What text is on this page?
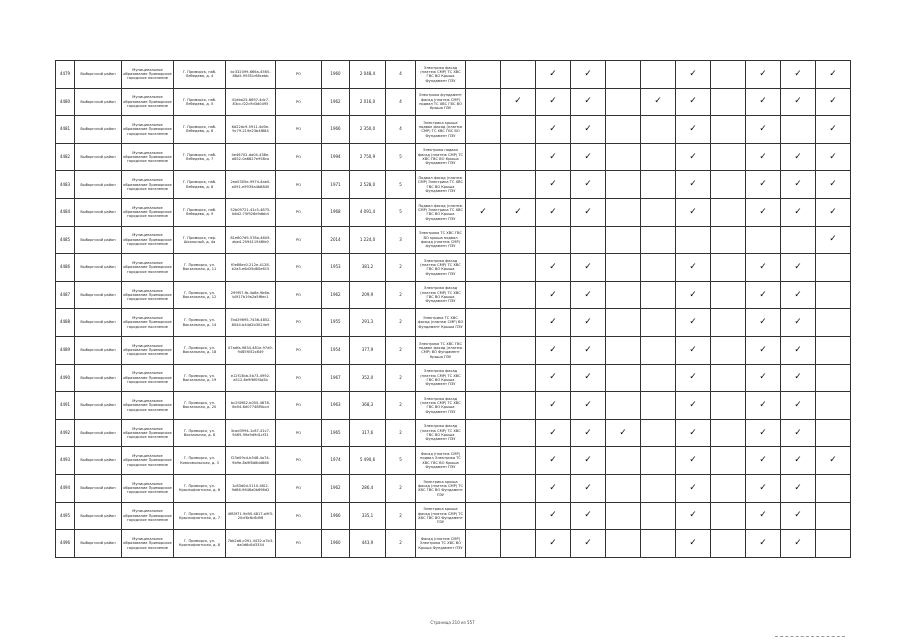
4479	Выборгский район	Муниципальное образование Приморское городское поселение	Г. Приморск, наб. Лебедева, д. 4	bc332099-666a-4565-88a5-993f1c66cebb	РО	1960	2 048,4	4	Электрика фасад (платеж СМР) ТС ХВС ГВС ВО Крыша Фундамент ПЗУ			✓	✓			✓		✓	✓	✓
4480	Выборгский район	Муниципальное образование Приморское городское поселение	Г. Приморск, наб. Лебедева, д. 5	41dba25-8697-4dc7-83cc-f22c9d3d0495	РО	1962	2 016,0	4	Электрика фундамент фасад (платеж СМР) подвал ТС ХВС ГВС ВО Крыша ПЗУ		✓	✓	✓		✓	✓		✓	✓	✓
4481	Выборгский район	Муниципальное образование Приморское городское поселение	Г. Приморск, наб. Лебедева, д. 6	6d22dc9-5911-4d0e-9c79-219e23b4f884	РО	1966	2 350,0	4	Электрика крыша подвал фасад (платеж СМР) ТС ХВС ГВС ВО Фундамент ПЗУ			✓	✓			✓		✓		✓
4482	Выборгский район	Муниципальное образование Приморское городское поселение	Г. Приморск, наб. Лебедева, д. 7	4e46702-da04-438e-a852-0a6827e958ca	РО	1994	2 750,9	5	Электрика подвал фасад (платеж СМР) ТС ХВС ГВС ВО Крыша Фундамент ПЗУ			✓	✓			✓		✓	✓	✓
4483	Выборгский район	Муниципальное образование Приморское городское поселение	Г. Приморск, наб. Лебедева, д. 8	2ee0305e-9974-4ae0-a091-e9935a4b8840	РО	1971	2 528,0	5	Подвал фасад (платеж СМР) Электрика ТС ХВС ГВС ВО Крыша Фундамент ПЗУ			✓	✓			✓		✓	✓	✓
4484	Выборгский район	Муниципальное образование Приморское городское поселение	Г. Приморск, наб. Лебедева, д. 9	52b09721-41c5-4875-b6d2-75f926e9dbb4	РО	1968	4 091,4	5	Подвал фасад (платеж СМР) Электрика ТС ХВС ГВС ВО Крыша Фундамент ПЗУ	✓	✓	✓	✓			✓		✓	✓	✓
4485	Выборгский район	Муниципальное образование Приморское городское поселение	Г. Приморск, пер. Школьный, д. 4а	81e607d9-578a-4609-abe4-259411946fe0	РО	2014	1 224,0	3	Электрика ТС ХВС ГВС ВО крыша подвал фасад (платеж СМР) фундамент ПЗУ											✓
4486	Выборгский район	Муниципальное образование Приморское городское поселение	Г. Приморск, ул. Вокзальная, д. 11	f0e88ec0-212e-4128-b2a5-e6d35d80e615	РО	1953	381,2	2	Электрика фасад (платеж СМР) ТС ХВС ГВС ВО Крыша Фундамент ПЗУ			✓	✓			✓		✓	✓	
4487	Выборгский район	Муниципальное образование Приморское городское поселение	Г. Приморск, ул. Вокзальная, д. 12	299f57-fb-4a8e-9b6a-b0f17b19a2a5f6ec1	РО	1962	209,9	2	Электрика фасад (платеж СМР) ТС ХВС ГВС ВО Крыша Фундамент ПЗУ			✓	✓			✓		✓	✓	
4488	Выборгский район	Муниципальное образование Приморское городское поселение	Г. Приморск, ул. Вокзальная, д. 14	7bd29695-7436-4852-8044-b44d2b3024e9	РО	1955	291,3	2	Электрика ТС ХВС фасад (платеж СМР) ВО Фундамент Крыша ПЗУ			✓	✓			✓		✓	✓	
4489	Выборгский район	Муниципальное образование Приморское городское поселение	Г. Приморск, ул. Вокзальная, д. 18	07adfa-9834-481e-97a9-9485f052c849	РО	1954	377,9	2	Электрика ТС ХВС ГВС подвал фасад (платеж СМР) ВО Фундамент Крыша ПЗУ			✓	✓			✓		✓	✓	
4490	Выборгский район	Муниципальное образование Приморское городское поселение	Г. Приморск, ул. Вокзальная, д. 19	e12f13bb-5b73-4992-a512-8e9f6f0f4a5b	РО	1967	352,0	2	Электрика фасад (платеж СМР) ТС ХВС ГВС ВО Крыша Фундамент ПЗУ			✓	✓			✓		✓	✓	
4491	Выборгский район	Муниципальное образование Приморское городское поселение	Г. Приморск, ул. Вокзальная, д. 20	bc2f4982-b055-4678-8e04-8d07748f5bcd	РО	1963	368,3	2	Электрика фасад (платеж СМР) ТС ХВС ГВС ВО Крыша Фундамент ПЗУ			✓	✓			✓		✓	✓	
4492	Выборгский район	Муниципальное образование Приморское городское поселение	Г. Приморск, ул. Вокзальная, д. 8	3cad3994-1c87-41c7-9465-99a9d9d1cf31	РО	1965	317,6	2	Электрика фасад (платеж СМР) ТС ХВС ГВС ВО Крыша Фундамент ПЗУ			✓	✓	✓		✓		✓	✓	
4493	Выборгский район	Муниципальное образование Приморское городское поселение	Г. Приморск, ул. Комсомольская, д. 3	f23e09cd-b548-4a74-9b9e-8a9f8d8dd866	РО	1974	5 490,6	5	Фасад (платеж СМР) подвал Электрика ТС ХВС ГВС ВО Крыша Фундамент ПЗУ			✓	✓			✓		✓	✓	✓
4494	Выборгский район	Муниципальное образование Приморское городское поселение	Г. Приморск, ул. Краснофлотская, д. 6	1c83d0d-5110-4f02-9d86-9648a0b696d2	РО	1962	286,4	2	Электрика крыша фасад (платеж СМР) ТС ХВС ГВС ВО Фундамент ПЗУ			✓	✓			✓		✓	✓	
4495	Выборгский район	Муниципальное образование Приморское городское поселение	Г. Приморск, ул. Краснофлотская, д. 7	4f85f71-9d90-4817-a9f3-20cf6c6c6d98	РО	1966	335,1	2	Электрика крыша фасад (платеж СМР) ТС ХВС ГВС ВО Фундамент ПЗУ			✓	✓			✓		✓	✓	
4496	Выборгский район	Муниципальное образование Приморское городское поселение	Г. Приморск, ул. Краснофлотская, д. 8	7bb2a6-c091-4432-a7b3-da0d6c8d3354	РО	1960	443,9	2	Фасад (платеж СМР) Электрика ТС ХВС ВО Крыша Фундамент ПЗУ			✓	✓			✓		✓	✓	
Страница 210 из 557
